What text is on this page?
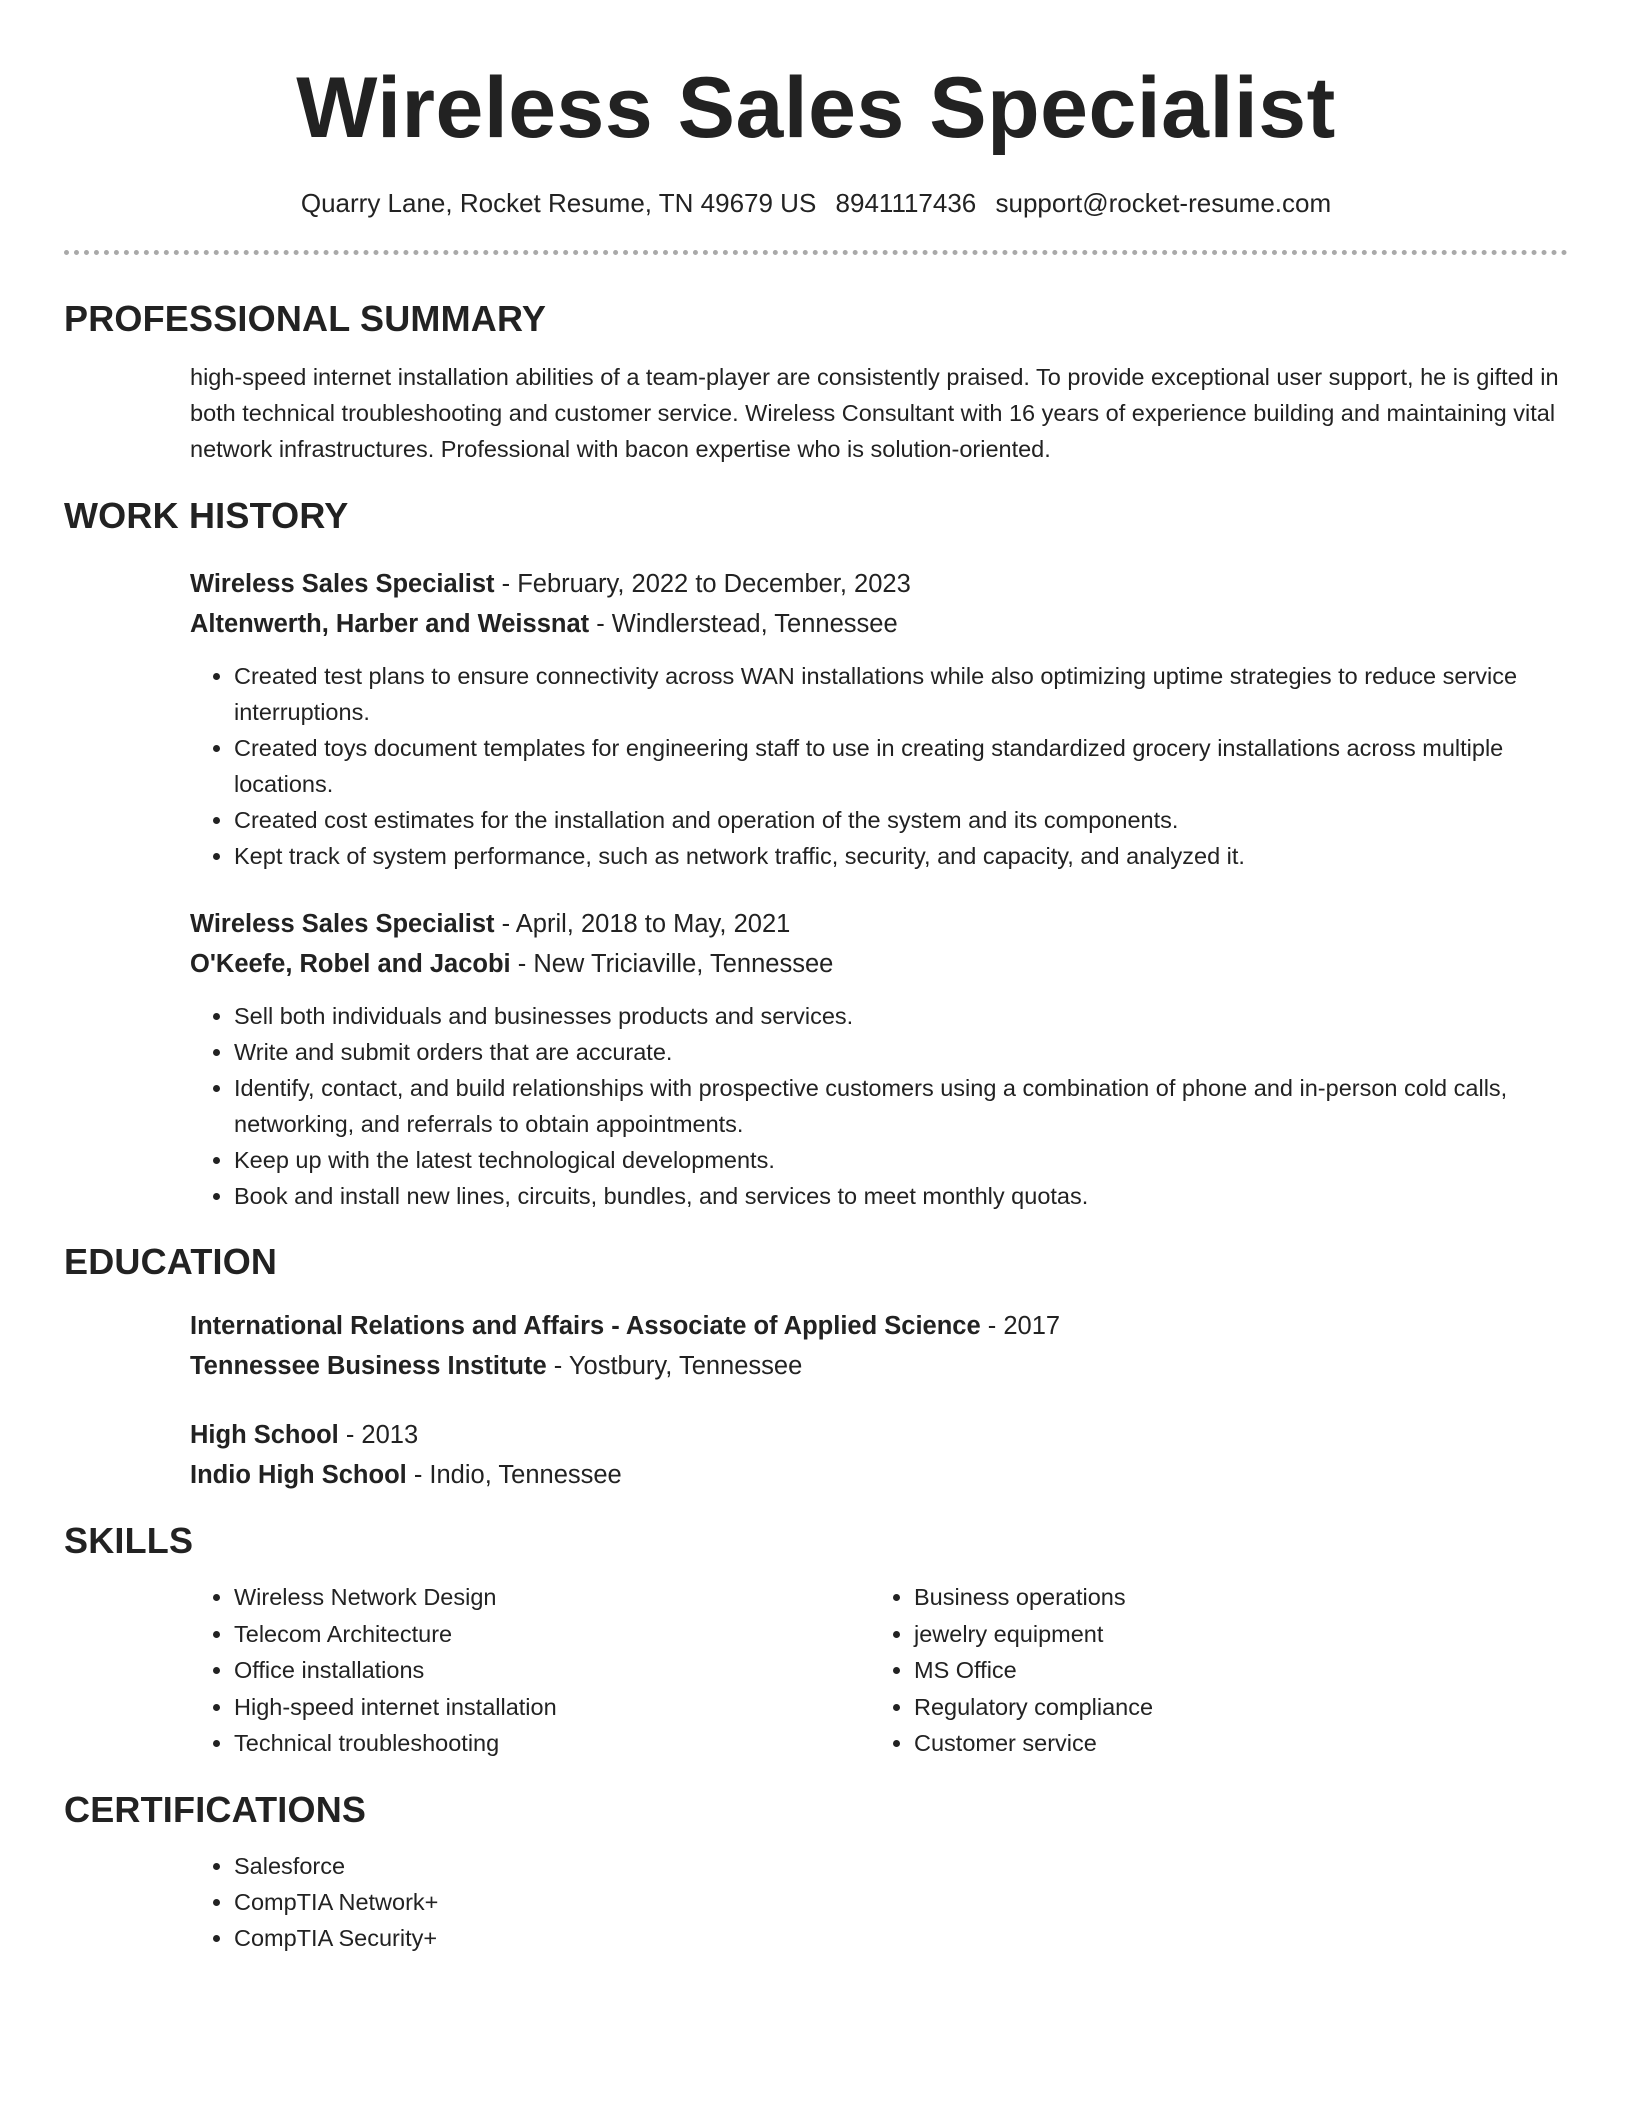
Wireless Sales Specialist
Quarry Lane, Rocket Resume, TN 49679 US 8941117436 support@rocket-resume.com
PROFESSIONAL SUMMARY
high-speed internet installation abilities of a team-player are consistently praised. To provide exceptional user support, he is gifted in both technical troubleshooting and customer service. Wireless Consultant with 16 years of experience building and maintaining vital network infrastructures. Professional with bacon expertise who is solution-oriented.
WORK HISTORY
Wireless Sales Specialist - February, 2022 to December, 2023
Altenwerth, Harber and Weissnat - Windlerstead, Tennessee
• Created test plans to ensure connectivity across WAN installations while also optimizing uptime strategies to reduce service interruptions.
• Created toys document templates for engineering staff to use in creating standardized grocery installations across multiple locations.
• Created cost estimates for the installation and operation of the system and its components.
• Kept track of system performance, such as network traffic, security, and capacity, and analyzed it.
Wireless Sales Specialist - April, 2018 to May, 2021
O'Keefe, Robel and Jacobi - New Triciaville, Tennessee
• Sell both individuals and businesses products and services.
• Write and submit orders that are accurate.
• Identify, contact, and build relationships with prospective customers using a combination of phone and in-person cold calls, networking, and referrals to obtain appointments.
• Keep up with the latest technological developments.
• Book and install new lines, circuits, bundles, and services to meet monthly quotas.
EDUCATION
International Relations and Affairs - Associate of Applied Science - 2017
Tennessee Business Institute - Yostbury, Tennessee
High School - 2013
Indio High School - Indio, Tennessee
SKILLS
• Wireless Network Design
• Telecom Architecture
• Office installations
• High-speed internet installation
• Technical troubleshooting
• Business operations
• jewelry equipment
• MS Office
• Regulatory compliance
• Customer service
CERTIFICATIONS
• Salesforce
• CompTIA Network+
• CompTIA Security+
